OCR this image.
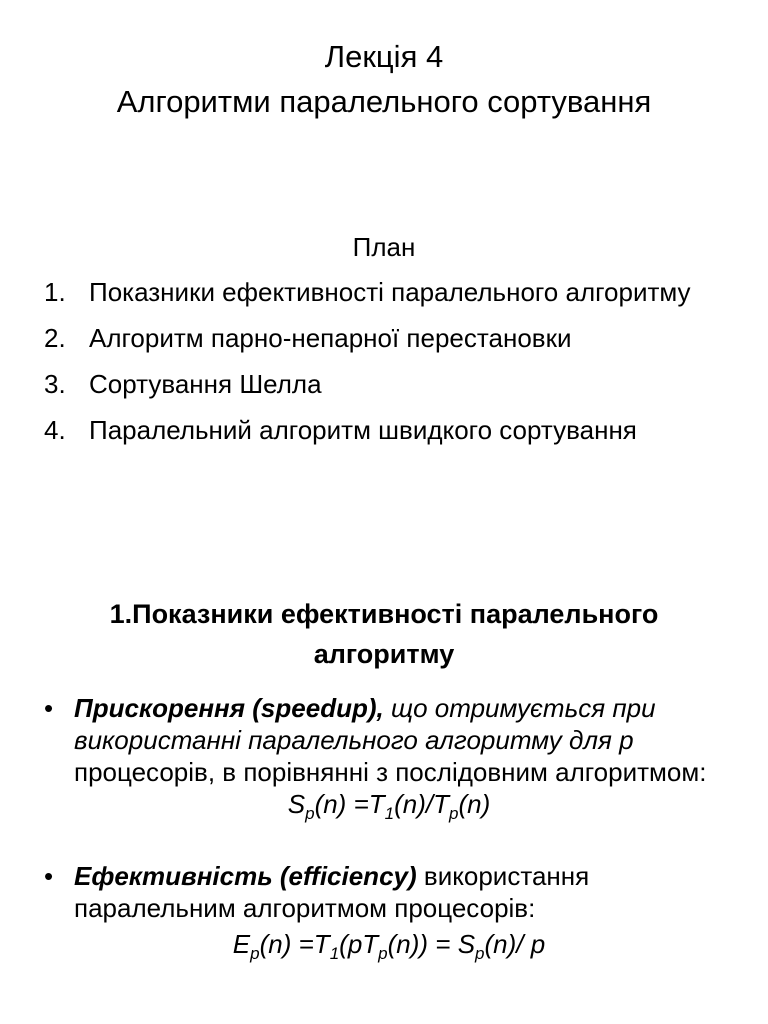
Лекція 4
Алгоритми паралельного сортування
План
1. Показники ефективності паралельного алгоритму
2. Алгоритм парно-непарної перестановки
3. Сортування Шелла
4. Паралельний алгоритм швидкого сортування
1.Показники ефективності паралельного
алгоритму
• Прискорення (speedup), що отримується при використанні паралельного алгоритму для p процесорів, в порівнянні з послідовним алгоритмом:
$S_p(n) =T_1(n)/T_p(n)$
• Ефективність (efficiency) використання паралельним алгоритмом процесорів:
$E_p(n) =T_1(pT_p(n)) = S_p(n)/$ p
